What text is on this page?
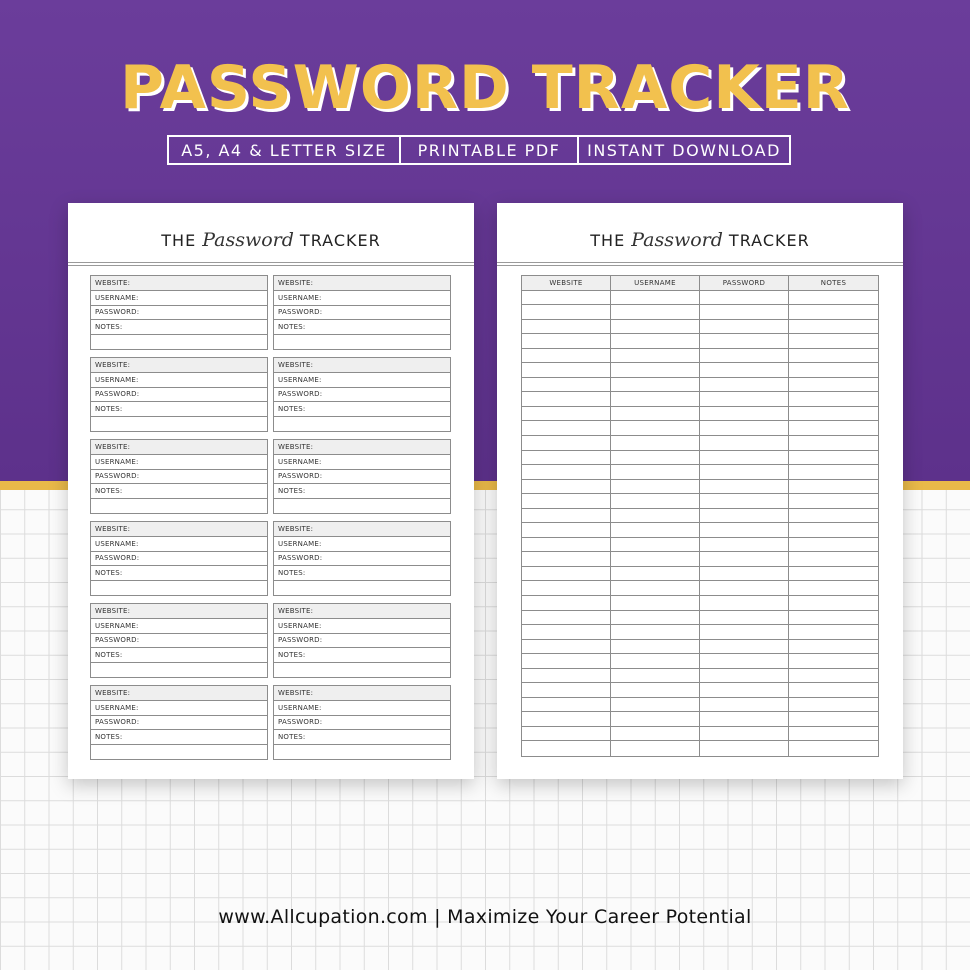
PASSWORD TRACKER
A5, A4 & LETTER SIZE	PRINTABLE PDF	INSTANT DOWNLOAD
THE Password TRACKER
WEBSITE:
USERNAME:
PASSWORD:
NOTES:
WEBSITE:
USERNAME:
PASSWORD:
NOTES:
WEBSITE:
USERNAME:
PASSWORD:
NOTES:
WEBSITE:
USERNAME:
PASSWORD:
NOTES:
WEBSITE:
USERNAME:
PASSWORD:
NOTES:
WEBSITE:
USERNAME:
PASSWORD:
NOTES:
WEBSITE:
USERNAME:
PASSWORD:
NOTES:
WEBSITE:
USERNAME:
PASSWORD:
NOTES:
WEBSITE:
USERNAME:
PASSWORD:
NOTES:
WEBSITE:
USERNAME:
PASSWORD:
NOTES:
WEBSITE:
USERNAME:
PASSWORD:
NOTES:
WEBSITE:
USERNAME:
PASSWORD:
NOTES:
THE Password TRACKER
WEBSITE	USERNAME	PASSWORD	NOTES
www.Allcupation.com | Maximize Your Career Potential
